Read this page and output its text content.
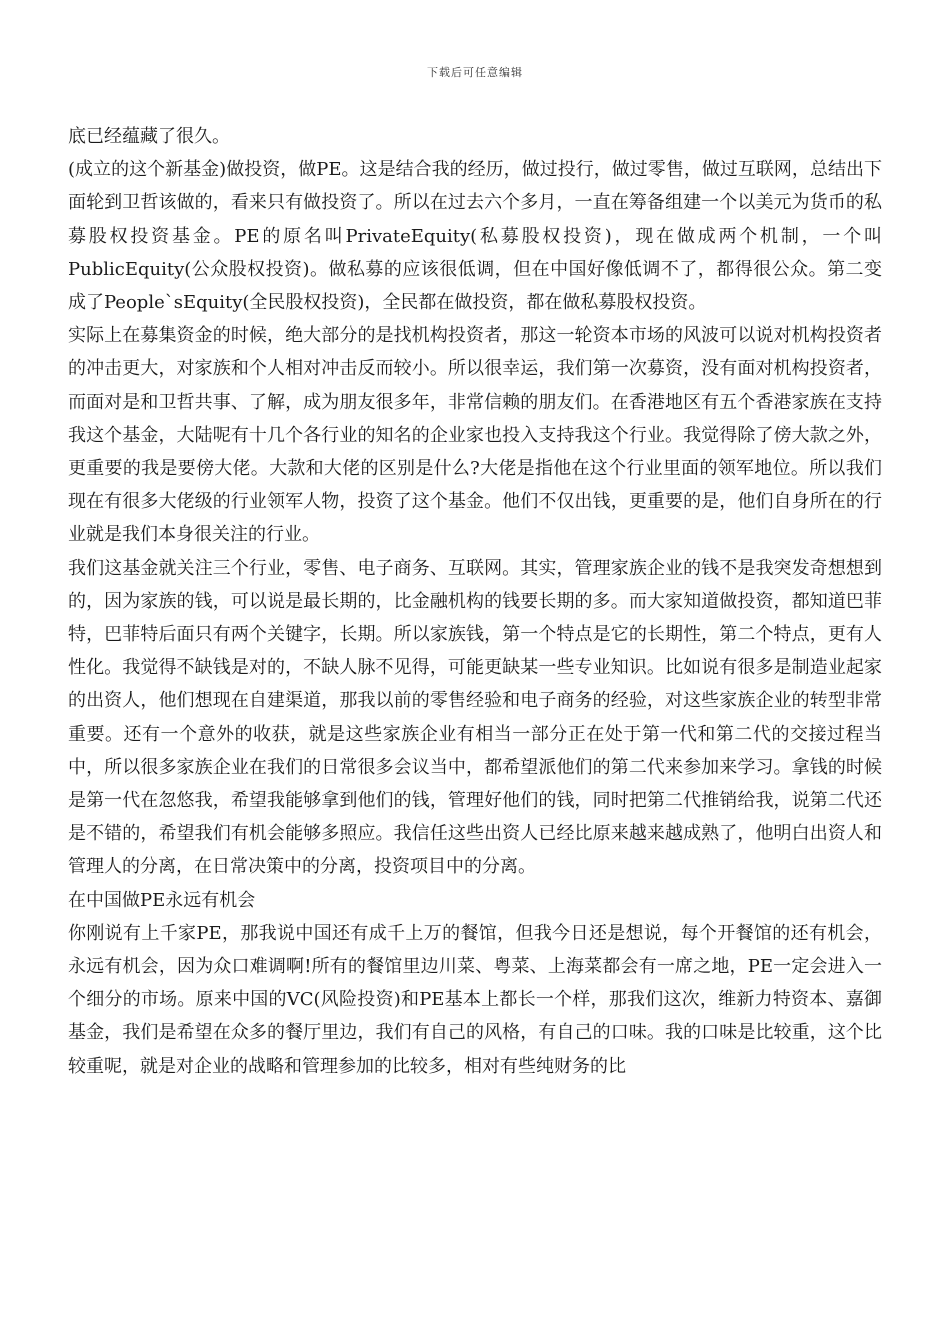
下载后可任意编辑

底已经蕴藏了很久。

(成立的这个新基金)做投资，做PE。这是结合我的经历，做过投行，做过零售，做过互联网，总结出下面轮到卫哲该做的，看来只有做投资了。所以在过去六个多月，一直在筹备组建一个以美元为货币的私募股权投资基金。PE的原名叫PrivateEquity(私募股权投资)，现在做成两个机制，一个叫PublicEquity(公众股权投资)。做私募的应该很低调，但在中国好像低调不了，都得很公众。第二变成了People`sEquity(全民股权投资)，全民都在做投资，都在做私募股权投资。

实际上在募集资金的时候，绝大部分的是找机构投资者，那这一轮资本市场的风波可以说对机构投资者的冲击更大，对家族和个人相对冲击反而较小。所以很幸运，我们第一次募资，没有面对机构投资者，而面对是和卫哲共事、了解，成为朋友很多年，非常信赖的朋友们。在香港地区有五个香港家族在支持我这个基金，大陆呢有十几个各行业的知名的企业家也投入支持我这个行业。我觉得除了傍大款之外，更重要的我是要傍大佬。大款和大佬的区别是什么?大佬是指他在这个行业里面的领军地位。所以我们现在有很多大佬级的行业领军人物，投资了这个基金。他们不仅出钱，更重要的是，他们自身所在的行业就是我们本身很关注的行业。

我们这基金就关注三个行业，零售、电子商务、互联网。其实，管理家族企业的钱不是我突发奇想想到的，因为家族的钱，可以说是最长期的，比金融机构的钱要长期的多。而大家知道做投资，都知道巴菲特，巴菲特后面只有两个关键字，长期。所以家族钱，第一个特点是它的长期性，第二个特点，更有人性化。我觉得不缺钱是对的，不缺人脉不见得，可能更缺某一些专业知识。比如说有很多是制造业起家的出资人，他们想现在自建渠道，那我以前的零售经验和电子商务的经验，对这些家族企业的转型非常重要。还有一个意外的收获，就是这些家族企业有相当一部分正在处于第一代和第二代的交接过程当中，所以很多家族企业在我们的日常很多会议当中，都希望派他们的第二代来参加来学习。拿钱的时候是第一代在忽悠我，希望我能够拿到他们的钱，管理好他们的钱，同时把第二代推销给我，说第二代还是不错的，希望我们有机会能够多照应。我信任这些出资人已经比原来越来越成熟了，他明白出资人和管理人的分离，在日常决策中的分离，投资项目中的分离。

在中国做PE永远有机会

你刚说有上千家PE，那我说中国还有成千上万的餐馆，但我今日还是想说，每个开餐馆的还有机会，永远有机会，因为众口难调啊!所有的餐馆里边川菜、粤菜、上海菜都会有一席之地，PE一定会进入一个细分的市场。原来中国的VC(风险投资)和PE基本上都长一个样，那我们这次，维新力特资本、嘉御基金，我们是希望在众多的餐厅里边，我们有自己的风格，有自己的口味。我的口味是比较重，这个比较重呢，就是对企业的战略和管理参加的比较多，相对有些纯财务的比
